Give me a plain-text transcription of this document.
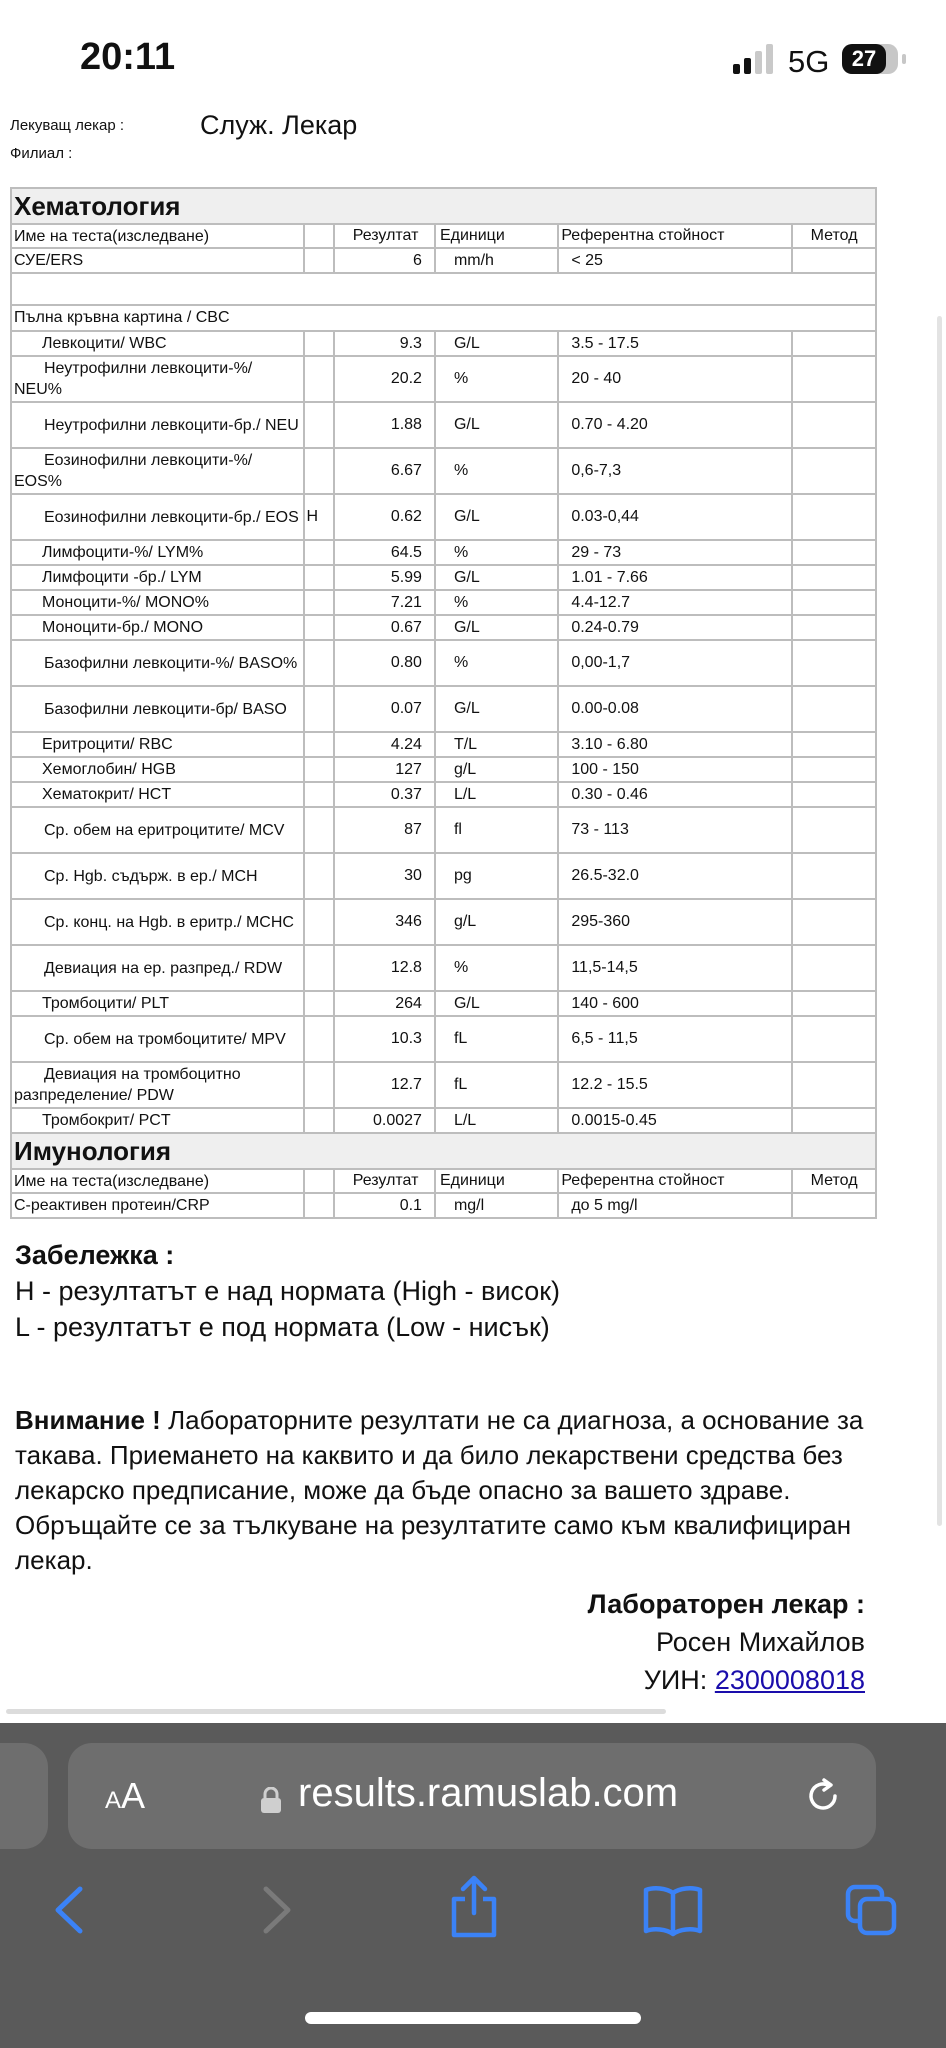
20:11	5G	27
Лекуващ лекар :	Служ. Лекар
Филиал :
Хематология					
Име на теста(изследване)		Резултат	Единици	Референтна стойност	Метод
СУЕ/ERS		6	mm/h	< 25	

Пълна кръвна картина / CBC					
Левкоцити/ WBC		9.3	G/L	3.5 - 17.5	
Неутрофилни левкоцити-%/ NEU%		20.2	%	20 - 40	
Неутрофилни левкоцити-бр./ NEU		1.88	G/L	0.70 - 4.20	
Еозинофилни левкоцити-%/ EOS%		6.67	%	0,6-7,3	
Еозинофилни левкоцити-бр./ EOS	H	0.62	G/L	0.03-0,44	
Лимфоцити-%/ LYM%		64.5	%	29 - 73	
Лимфоцити -бр./ LYM		5.99	G/L	1.01 - 7.66	
Моноцити-%/ MONO%		7.21	%	4.4-12.7	
Моноцити-бр./ MONO		0.67	G/L	0.24-0.79	
Базофилни левкоцити-%/ BASO%		0.80	%	0,00-1,7	
Базофилни левкоцити-бр/ BASO		0.07	G/L	0.00-0.08	
Еритроцити/ RBC		4.24	T/L	3.10 - 6.80	
Хемоглобин/ HGB		127	g/L	100 - 150	
Хематокрит/ HCT		0.37	L/L	0.30 - 0.46	
Ср. обем на еритроцитите/ MCV		87	fl	73 - 113	
Ср. Hgb. съдърж. в ер./ MCH		30	pg	26.5-32.0	
Ср. конц. на Hgb. в еритр./ MCHC		346	g/L	295-360	
Девиация на ер. разпред./ RDW		12.8	%	11,5-14,5	
Тромбоцити/ PLT		264	G/L	140 - 600	
Ср. обем на тромбоцитите/ MPV		10.3	fL	6,5 - 11,5	
Девиация на тромбоцитно разпределение/ PDW		12.7	fL	12.2 - 15.5	
Тромбокрит/ PCT		0.0027	L/L	0.0015-0.45	
Имунология					
Име на теста(изследване)		Резултат	Единици	Референтна стойност	Метод
С-реактивен протеин/CRP		0.1	mg/l	до 5 mg/l	
Забележка :
H - резултатът е над нормата (High - висок)
L - резултатът е под нормата (Low - нисък)
Внимание ! Лабораторните резултати не са диагноза, а основание за такава. Приемането на каквито и да било лекарствени средства без лекарско предписание, може да бъде опасно за вашето здраве. Обръщайте се за тълкуване на резултатите само към квалифициран лекар.
Лабораторен лекар :
Росен Михайлов
УИН: 2300008018
AA	results.ramuslab.com
